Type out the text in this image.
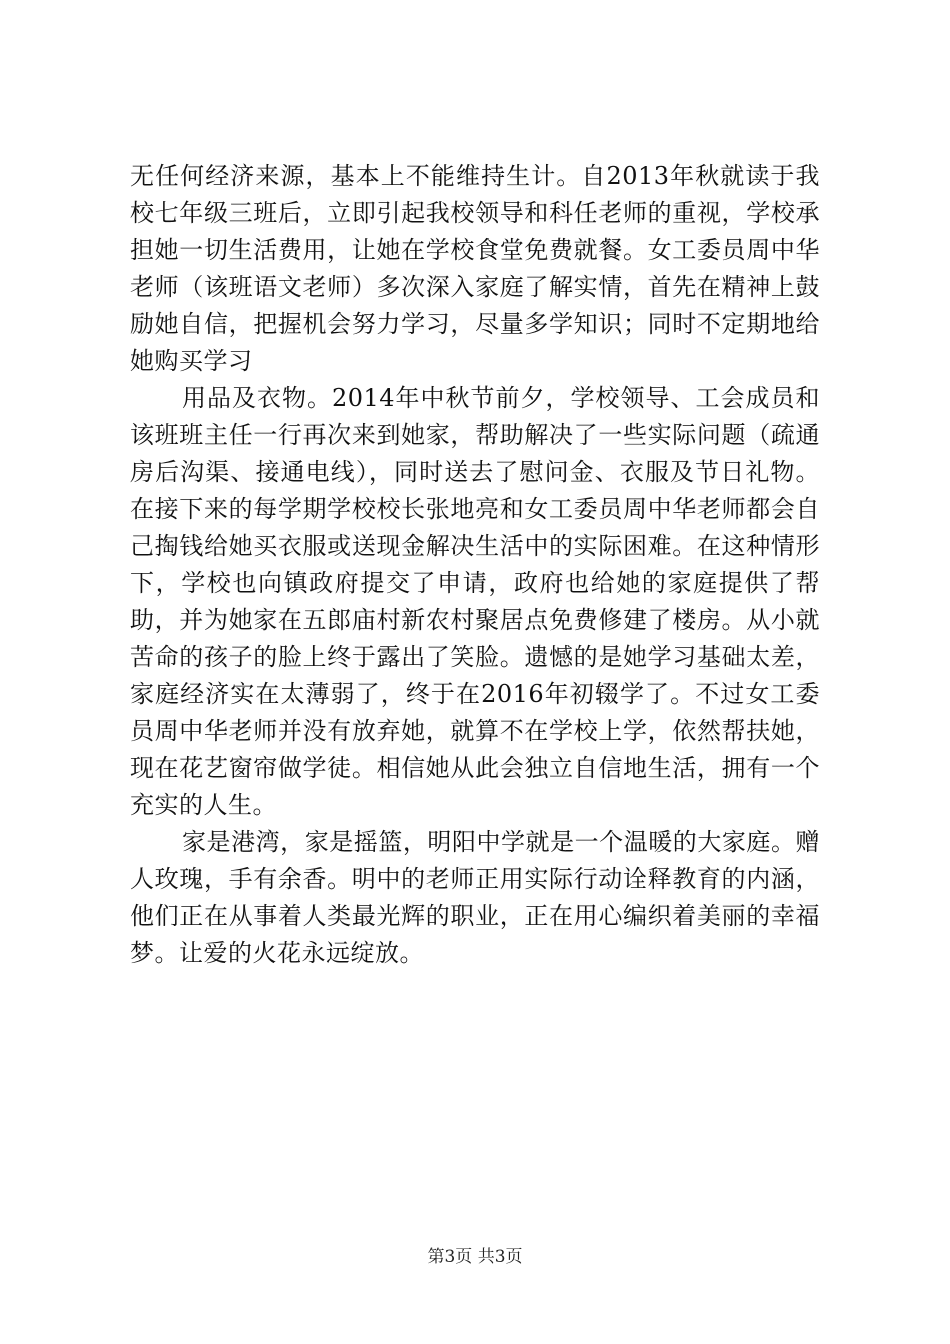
无任何经济来源，基本上不能维持生计。自2013年秋就读于我校七年级三班后，立即引起我校领导和科任老师的重视，学校承担她一切生活费用，让她在学校食堂免费就餐。女工委员周中华老师（该班语文老师）多次深入家庭了解实情，首先在精神上鼓励她自信，把握机会努力学习，尽量多学知识；同时不定期地给她购买学习

用品及衣物。2014年中秋节前夕，学校领导、工会成员和该班班主任一行再次来到她家，帮助解决了一些实际问题（疏通房后沟渠、接通电线），同时送去了慰问金、衣服及节日礼物。在接下来的每学期学校校长张地亮和女工委员周中华老师都会自己掏钱给她买衣服或送现金解决生活中的实际困难。在这种情形下，学校也向镇政府提交了申请，政府也给她的家庭提供了帮助，并为她家在五郎庙村新农村聚居点免费修建了楼房。从小就苦命的孩子的脸上终于露出了笑脸。遗憾的是她学习基础太差，家庭经济实在太薄弱了，终于在2016年初辍学了。不过女工委员周中华老师并没有放弃她，就算不在学校上学，依然帮扶她，现在花艺窗帘做学徒。相信她从此会独立自信地生活，拥有一个充实的人生。

家是港湾，家是摇篮，明阳中学就是一个温暖的大家庭。赠人玫瑰，手有余香。明中的老师正用实际行动诠释教育的内涵，他们正在从事着人类最光辉的职业，正在用心编织着美丽的幸福梦。让爱的火花永远绽放。

第3页 共3页
